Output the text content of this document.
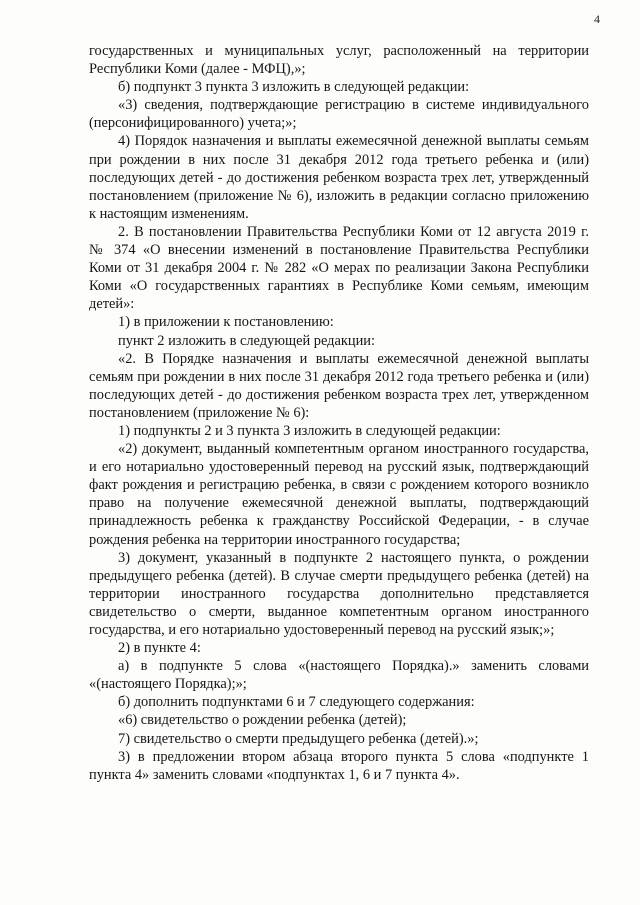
4

государственных и муниципальных услуг, расположенный на территории Республики Коми (далее - МФЦ),»;

б) подпункт 3 пункта 3 изложить в следующей редакции:

«3) сведения, подтверждающие регистрацию в системе индивидуального (персонифицированного) учета;»;

4) Порядок назначения и выплаты ежемесячной денежной выплаты семьям при рождении в них после 31 декабря 2012 года третьего ребенка и (или) последующих детей - до достижения ребенком возраста трех лет, утвержденный постановлением (приложение № 6), изложить в редакции согласно приложению к настоящим изменениям.

2. В постановлении Правительства Республики Коми от 12 августа 2019 г. № 374 «О внесении изменений в постановление Правительства Республики Коми от 31 декабря 2004 г. № 282 «О мерах по реализации Закона Республики Коми «О государственных гарантиях в Республике Коми семьям, имеющим детей»:

1) в приложении к постановлению:

пункт 2 изложить в следующей редакции:

«2. В Порядке назначения и выплаты ежемесячной денежной выплаты семьям при рождении в них после 31 декабря 2012 года третьего ребенка и (или) последующих детей - до достижения ребенком возраста трех лет, утвержденном постановлением (приложение № 6):

1) подпункты 2 и 3 пункта 3 изложить в следующей редакции:

«2) документ, выданный компетентным органом иностранного государства, и его нотариально удостоверенный перевод на русский язык, подтверждающий факт рождения и регистрацию ребенка, в связи с рождением которого возникло право на получение ежемесячной денежной выплаты, подтверждающий принадлежность ребенка к гражданству Российской Федерации, - в случае рождения ребенка на территории иностранного государства;

3) документ, указанный в подпункте 2 настоящего пункта, о рождении предыдущего ребенка (детей). В случае смерти предыдущего ребенка (детей) на территории иностранного государства дополнительно представляется свидетельство о смерти, выданное компетентным органом иностранного государства, и его нотариально удостоверенный перевод на русский язык;»;

2) в пункте 4:

а) в подпункте 5 слова «(настоящего Порядка).» заменить словами «(настоящего Порядка);»;

б) дополнить подпунктами 6 и 7 следующего содержания:

«6) свидетельство о рождении ребенка (детей);

7) свидетельство о смерти предыдущего ребенка (детей).»;

3) в предложении втором абзаца второго пункта 5 слова «подпункте 1 пункта 4» заменить словами «подпунктах 1, 6 и 7 пункта 4».
